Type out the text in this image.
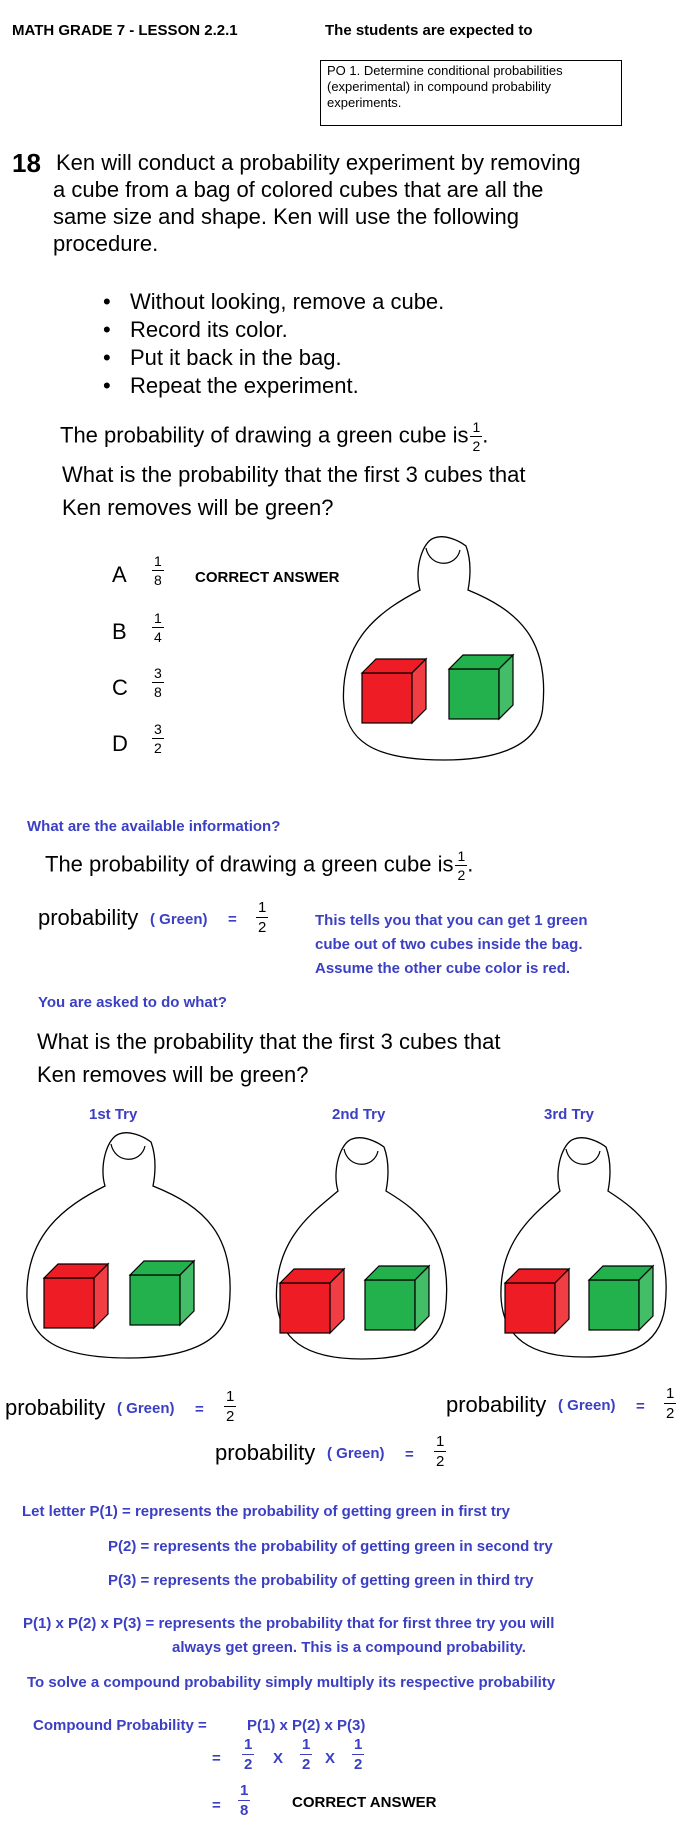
MATH GRADE 7 - LESSON 2.2.1	The students are expected to
PO 1. Determine conditional probabilities (experimental) in compound probability experiments.
18 Ken will conduct a probability experiment by removing
a cube from a bag of colored cubes that are all the
same size and shape. Ken will use the following
procedure.
• Without looking, remove a cube.
• Record its color.
• Put it back in the bag.
• Repeat the experiment.
The probability of drawing a green cube is $\frac{1}{2}$ .
What is the probability that the first 3 cubes that
Ken removes will be green?
A $\frac{1}{8}$ CORRECT ANSWER
B $\frac{1}{4}$
C $\frac{3}{8}$
D $\frac{3}{2}$
What are the available information?
The probability of drawing a green cube is $\frac{1}{2}$ .
probability ( Green) = $\frac{1}{2}$	This tells you that you can get 1 green
cube out of two cubes inside the bag.
Assume the other cube color is red.
You are asked to do what?
What is the probability that the first 3 cubes that
Ken removes will be green?
1st Try	2nd Try	3rd Try
probability ( Green) = $\frac{1}{2}$	probability ( Green) = $\frac{1}{2}$
probability ( Green) = $\frac{1}{2}$
Let letter P(1) = represents the probability of getting green in first try
P(2) = represents the probability of getting green in second try
P(3) = represents the probability of getting green in third try
P(1) x P(2) x P(3) = represents the probability that for first three try you will
always get green. This is a compound probability.
To solve a compound probability simply multiply its respective probability
Compound Probability =	P(1) x P(2) x P(3)
= $\frac{1}{2}$ X $\frac{1}{2}$ X $\frac{1}{2}$
= $\frac{1}{8}$	CORRECT ANSWER
